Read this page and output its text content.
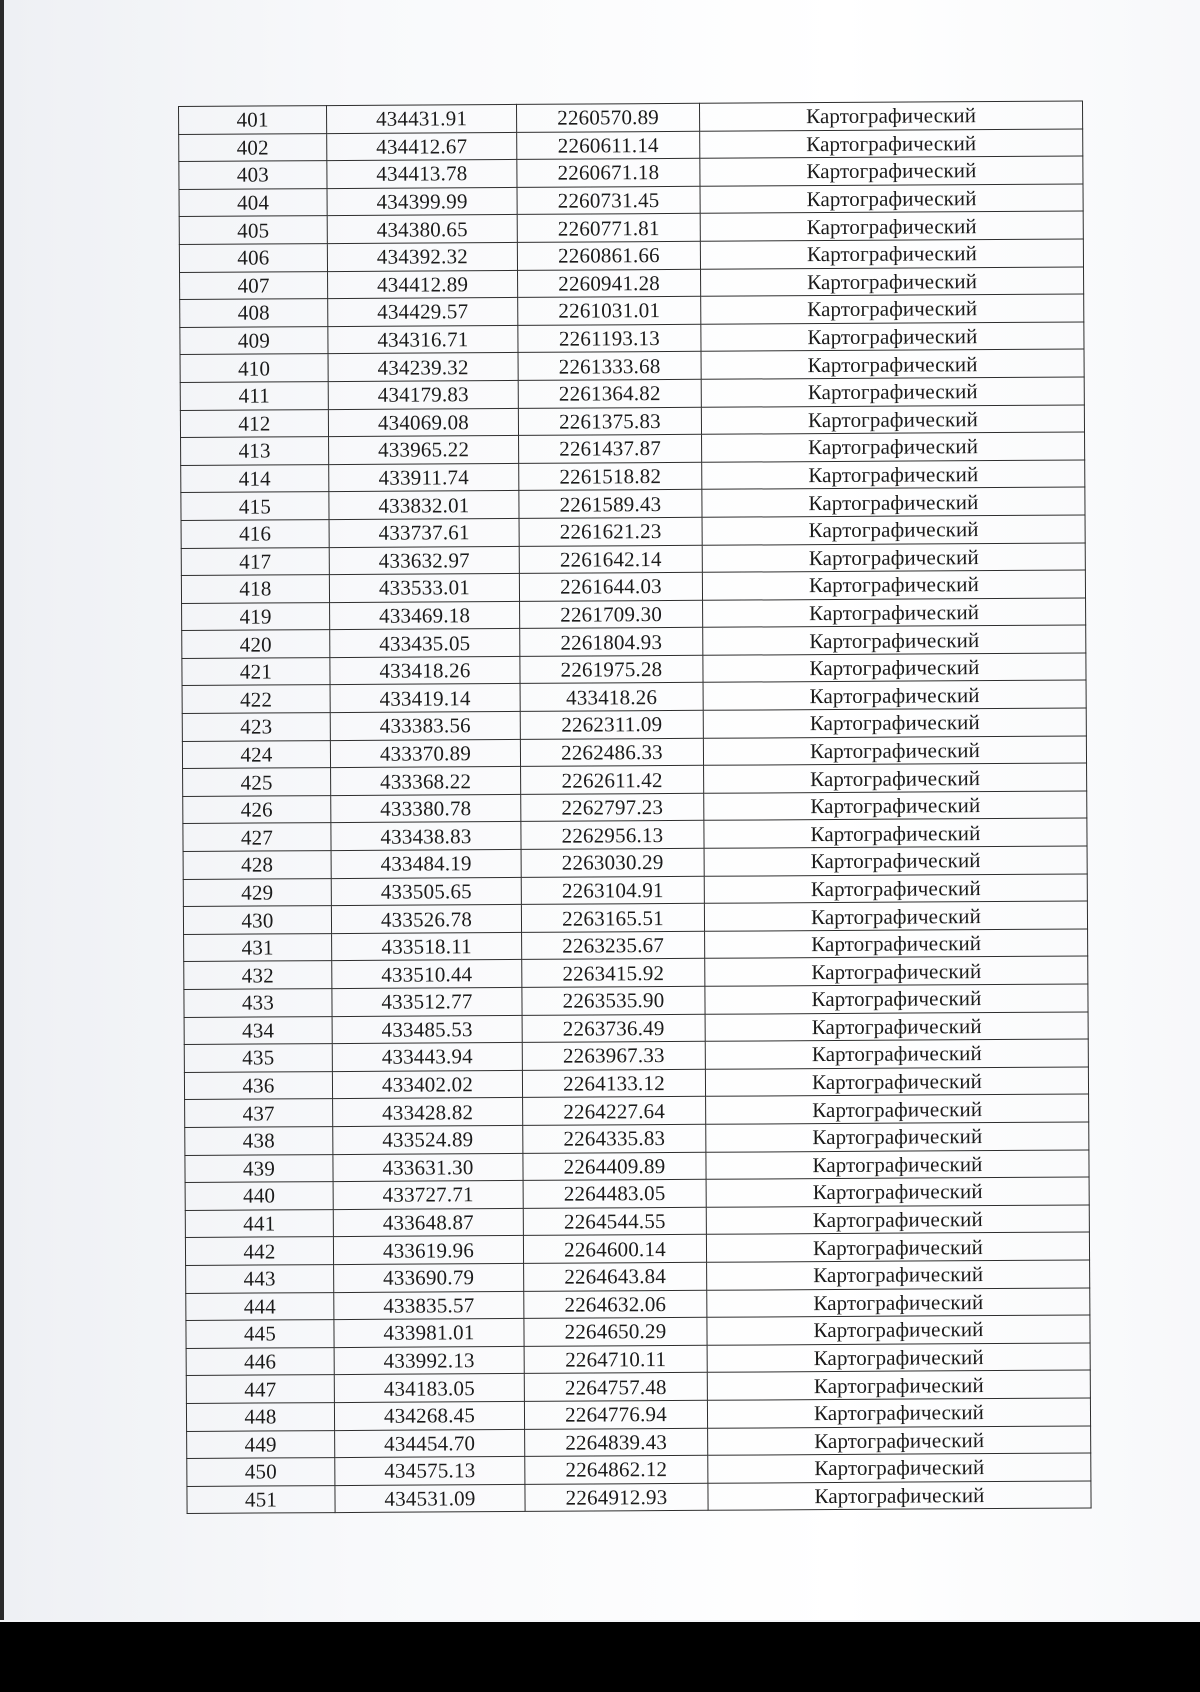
401	434431.91	2260570.89	Картографический
402	434412.67	2260611.14	Картографический
403	434413.78	2260671.18	Картографический
404	434399.99	2260731.45	Картографический
405	434380.65	2260771.81	Картографический
406	434392.32	2260861.66	Картографический
407	434412.89	2260941.28	Картографический
408	434429.57	2261031.01	Картографический
409	434316.71	2261193.13	Картографический
410	434239.32	2261333.68	Картографический
411	434179.83	2261364.82	Картографический
412	434069.08	2261375.83	Картографический
413	433965.22	2261437.87	Картографический
414	433911.74	2261518.82	Картографический
415	433832.01	2261589.43	Картографический
416	433737.61	2261621.23	Картографический
417	433632.97	2261642.14	Картографический
418	433533.01	2261644.03	Картографический
419	433469.18	2261709.30	Картографический
420	433435.05	2261804.93	Картографический
421	433418.26	2261975.28	Картографический
422	433419.14	433418.26	Картографический
423	433383.56	2262311.09	Картографический
424	433370.89	2262486.33	Картографический
425	433368.22	2262611.42	Картографический
426	433380.78	2262797.23	Картографический
427	433438.83	2262956.13	Картографический
428	433484.19	2263030.29	Картографический
429	433505.65	2263104.91	Картографический
430	433526.78	2263165.51	Картографический
431	433518.11	2263235.67	Картографический
432	433510.44	2263415.92	Картографический
433	433512.77	2263535.90	Картографический
434	433485.53	2263736.49	Картографический
435	433443.94	2263967.33	Картографический
436	433402.02	2264133.12	Картографический
437	433428.82	2264227.64	Картографический
438	433524.89	2264335.83	Картографический
439	433631.30	2264409.89	Картографический
440	433727.71	2264483.05	Картографический
441	433648.87	2264544.55	Картографический
442	433619.96	2264600.14	Картографический
443	433690.79	2264643.84	Картографический
444	433835.57	2264632.06	Картографический
445	433981.01	2264650.29	Картографический
446	433992.13	2264710.11	Картографический
447	434183.05	2264757.48	Картографический
448	434268.45	2264776.94	Картографический
449	434454.70	2264839.43	Картографический
450	434575.13	2264862.12	Картографический
451	434531.09	2264912.93	Картографический
